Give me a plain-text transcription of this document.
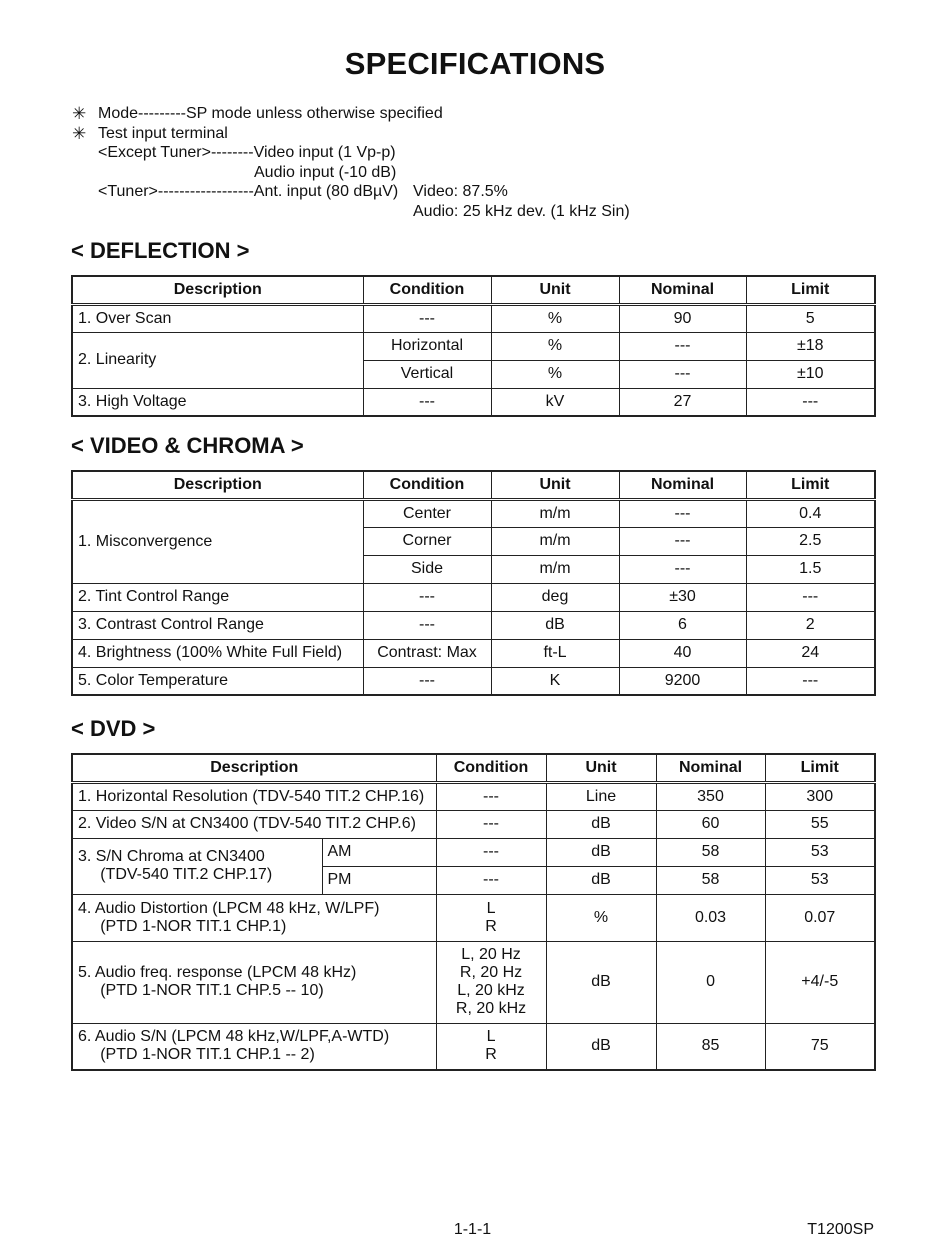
SPECIFICATIONS
✳ Mode---------SP mode unless otherwise specified
✳ Test input terminal
<Except Tuner>--------Video input (1 Vp-p)
Audio input (-10 dB)
<Tuner>------------------Ant. input (80 dBµV) Video: 87.5%
Audio: 25 kHz dev. (1 kHz Sin)
< DEFLECTION >
Description	Condition	Unit	Nominal	Limit
1. Over Scan	---	%	90	5
2. Linearity	Horizontal	%	---	±18
	Vertical	%	---	±10
3. High Voltage	---	kV	27	---
< VIDEO & CHROMA >
Description	Condition	Unit	Nominal	Limit
1. Misconvergence	Center	m/m	---	0.4
	Corner	m/m	---	2.5
	Side	m/m	---	1.5
2. Tint Control Range	---	deg	±30	---
3. Contrast Control Range	---	dB	6	2
4. Brightness (100% White Full Field)	Contrast: Max	ft-L	40	24
5. Color Temperature	---	K	9200	---
< DVD >
Description		Condition	Unit	Nominal	Limit
1. Horizontal Resolution (TDV-540 TIT.2 CHP.16)		---	Line	350	300
2. Video S/N at CN3400 (TDV-540 TIT.2 CHP.6)		---	dB	60	55
3. S/N Chroma at CN3400
(TDV-540 TIT.2 CHP.17)	AM	---	dB	58	53
	PM	---	dB	58	53
4. Audio Distortion (LPCM 48 kHz, W/LPF)
(PTD 1-NOR TIT.1 CHP.1)		L
R	%	0.03	0.07
5. Audio freq. response (LPCM 48 kHz)
(PTD 1-NOR TIT.1 CHP.5 -- 10)		L, 20 Hz
R, 20 Hz
L, 20 kHz
R, 20 kHz	dB	0	+4/-5
6. Audio S/N (LPCM 48 kHz,W/LPF,A-WTD)
(PTD 1-NOR TIT.1 CHP.1 -- 2)		L
R	dB	85	75
1-1-1	T1200SP
